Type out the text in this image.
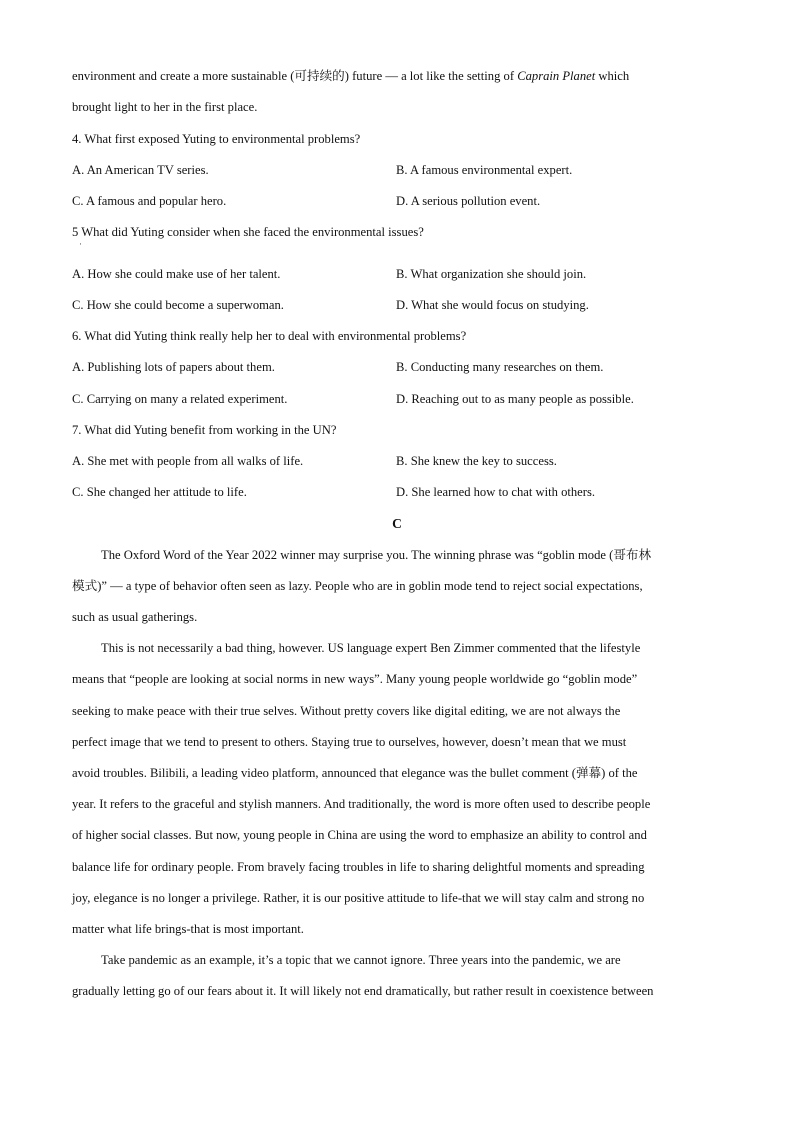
environment and create a more sustainable (可持续的) future — a lot like the setting of Caprain Planet which
brought light to her in the first place.
4. What first exposed Yuting to environmental problems?
A. An American TV series.	B. A famous environmental expert.
C. A famous and popular hero.	D. A serious pollution event.
5 What did Yuting consider when she faced the environmental issues?
·
A. How she could make use of her talent.	B. What organization she should join.
C. How she could become a superwoman.	D. What she would focus on studying.
6. What did Yuting think really help her to deal with environmental problems?
A. Publishing lots of papers about them.	B. Conducting many researches on them.
C. Carrying on many a related experiment.	D. Reaching out to as many people as possible.
7. What did Yuting benefit from working in the UN?
A. She met with people from all walks of life.	B. She knew the key to success.
C. She changed her attitude to life.	D. She learned how to chat with others.
C
The Oxford Word of the Year 2022 winner may surprise you. The winning phrase was “goblin mode (哥布林
模式)” — a type of behavior often seen as lazy. People who are in goblin mode tend to reject social expectations,
such as usual gatherings.
This is not necessarily a bad thing, however. US language expert Ben Zimmer commented that the lifestyle
means that “people are looking at social norms in new ways”. Many young people worldwide go “goblin mode”
seeking to make peace with their true selves. Without pretty covers like digital editing, we are not always the
perfect image that we tend to present to others. Staying true to ourselves, however, doesn’t mean that we must
avoid troubles. Bilibili, a leading video platform, announced that elegance was the bullet comment (弹幕) of the
year. It refers to the graceful and stylish manners. And traditionally, the word is more often used to describe people
of higher social classes. But now, young people in China are using the word to emphasize an ability to control and
balance life for ordinary people. From bravely facing troubles in life to sharing delightful moments and spreading
joy, elegance is no longer a privilege. Rather, it is our positive attitude to life-that we will stay calm and strong no
matter what life brings-that is most important.
Take pandemic as an example, it’s a topic that we cannot ignore. Three years into the pandemic, we are
gradually letting go of our fears about it. It will likely not end dramatically, but rather result in coexistence between
